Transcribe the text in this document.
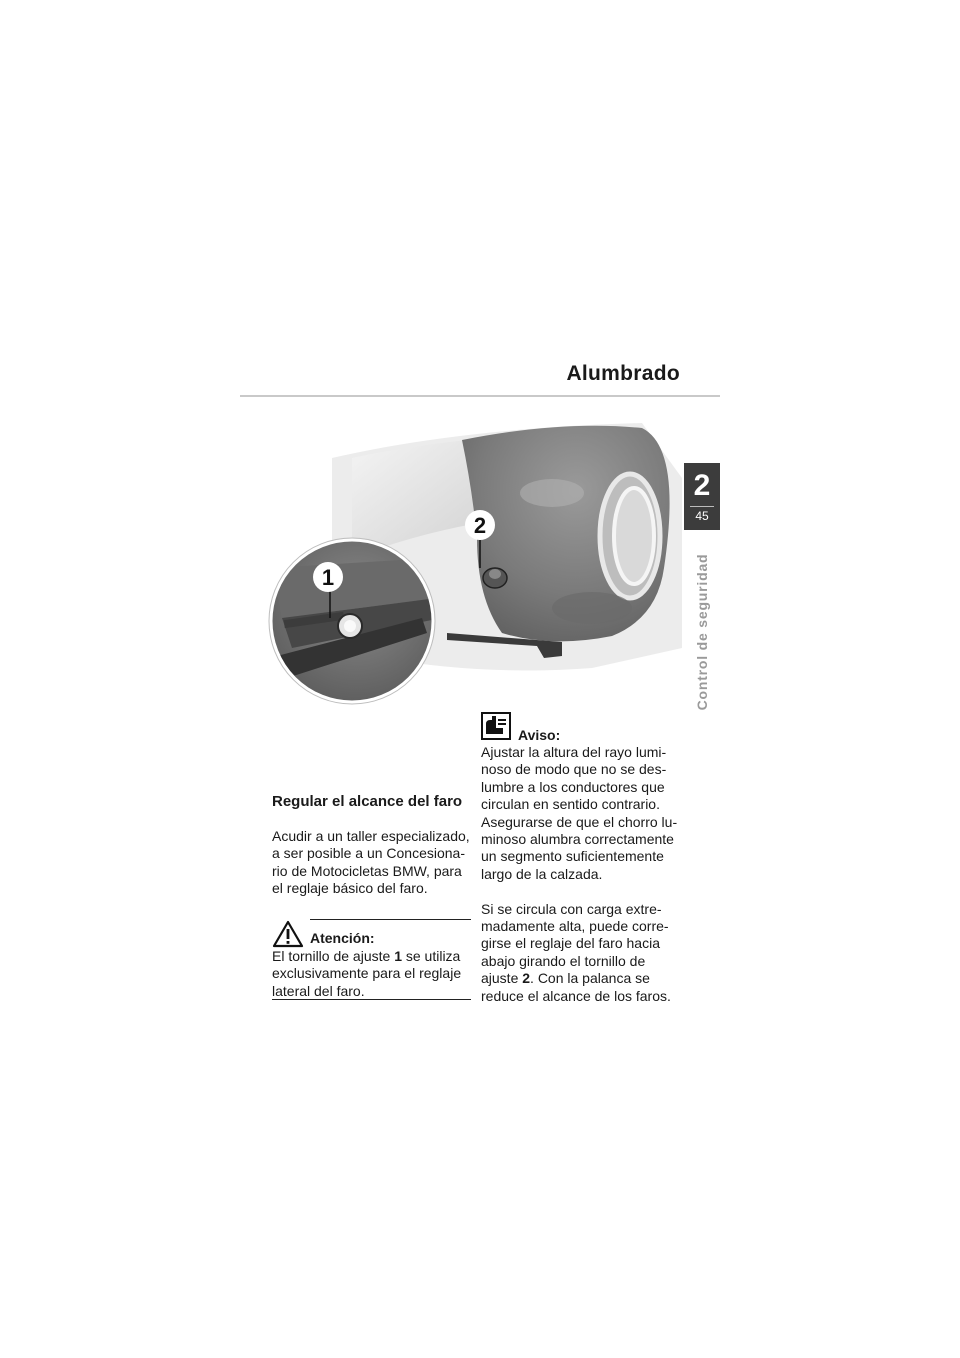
Alumbrado
2
45
Control de seguridad
2
1
Regular el alcance del faro
Acudir a un taller especializado,
a ser posible a un Concesiona-
rio de Motocicletas BMW, para
el reglaje básico del faro.
Atención:
El tornillo de ajuste 1 se utiliza
exclusivamente para el reglaje
lateral del faro.
Aviso:
Ajustar la altura del rayo lumi-
noso de modo que no se des-
lumbre a los conductores que
circulan en sentido contrario.
Asegurarse de que el chorro lu-
minoso alumbra correctamente
un segmento suficientemente
largo de la calzada.

Si se circula con carga extre-
madamente alta, puede corre-
girse el reglaje del faro hacia
abajo girando el tornillo de
ajuste 2. Con la palanca se
reduce el alcance de los faros.
